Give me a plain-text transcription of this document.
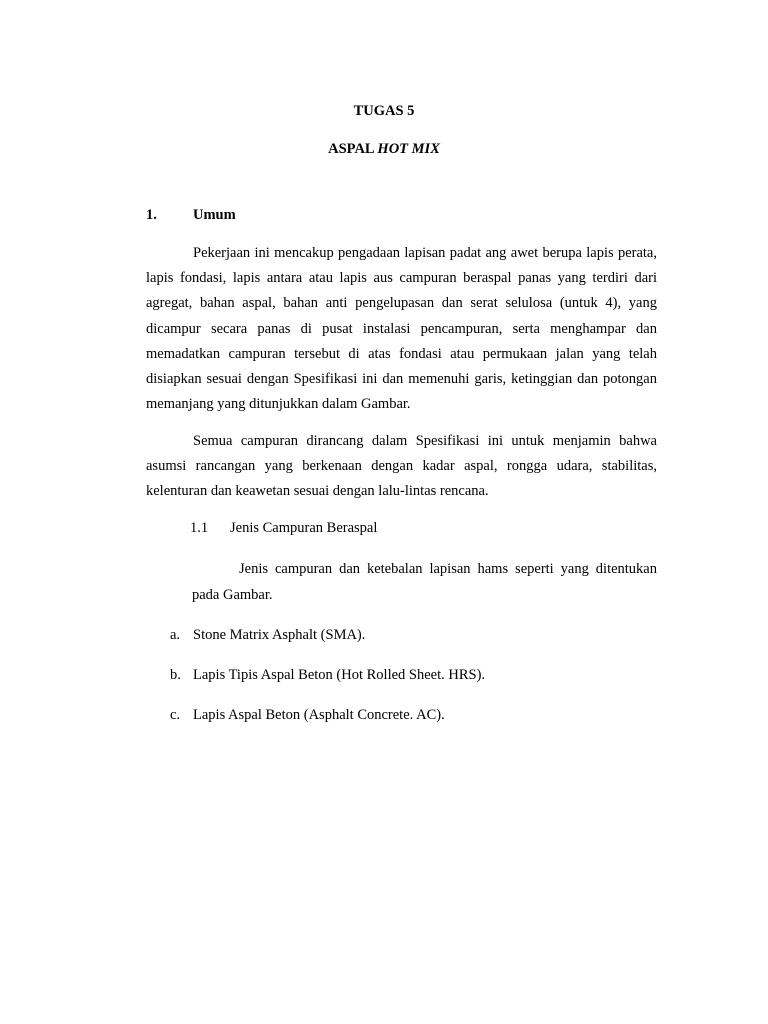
TUGAS 5
ASPAL HOT MIX
1. Umum

Pekerjaan ini mencakup pengadaan lapisan padat ang awet berupa lapis perata, lapis fondasi, lapis antara atau lapis aus campuran beraspal panas yang terdiri dari agregat, bahan aspal, bahan anti pengelupasan dan serat selulosa (untuk 4), yang dicampur secara panas di pusat instalasi pencampuran, serta menghampar dan memadatkan campuran tersebut di atas fondasi atau permukaan jalan yang telah disiapkan sesuai dengan Spesifikasi ini dan memenuhi garis, ketinggian dan potongan memanjang yang ditunjukkan dalam Gambar.

Semua campuran dirancang dalam Spesifikasi ini untuk menjamin bahwa asumsi rancangan yang berkenaan dengan kadar aspal, rongga udara, stabilitas, kelenturan dan keawetan sesuai dengan lalu-lintas rencana.

1.1 Jenis Campuran Beraspal

Jenis campuran dan ketebalan lapisan hams seperti yang ditentukan pada Gambar.

a. Stone Matrix Asphalt (SMA).
b. Lapis Tipis Aspal Beton (Hot Rolled Sheet. HRS).
c. Lapis Aspal Beton (Asphalt Concrete. AC).
